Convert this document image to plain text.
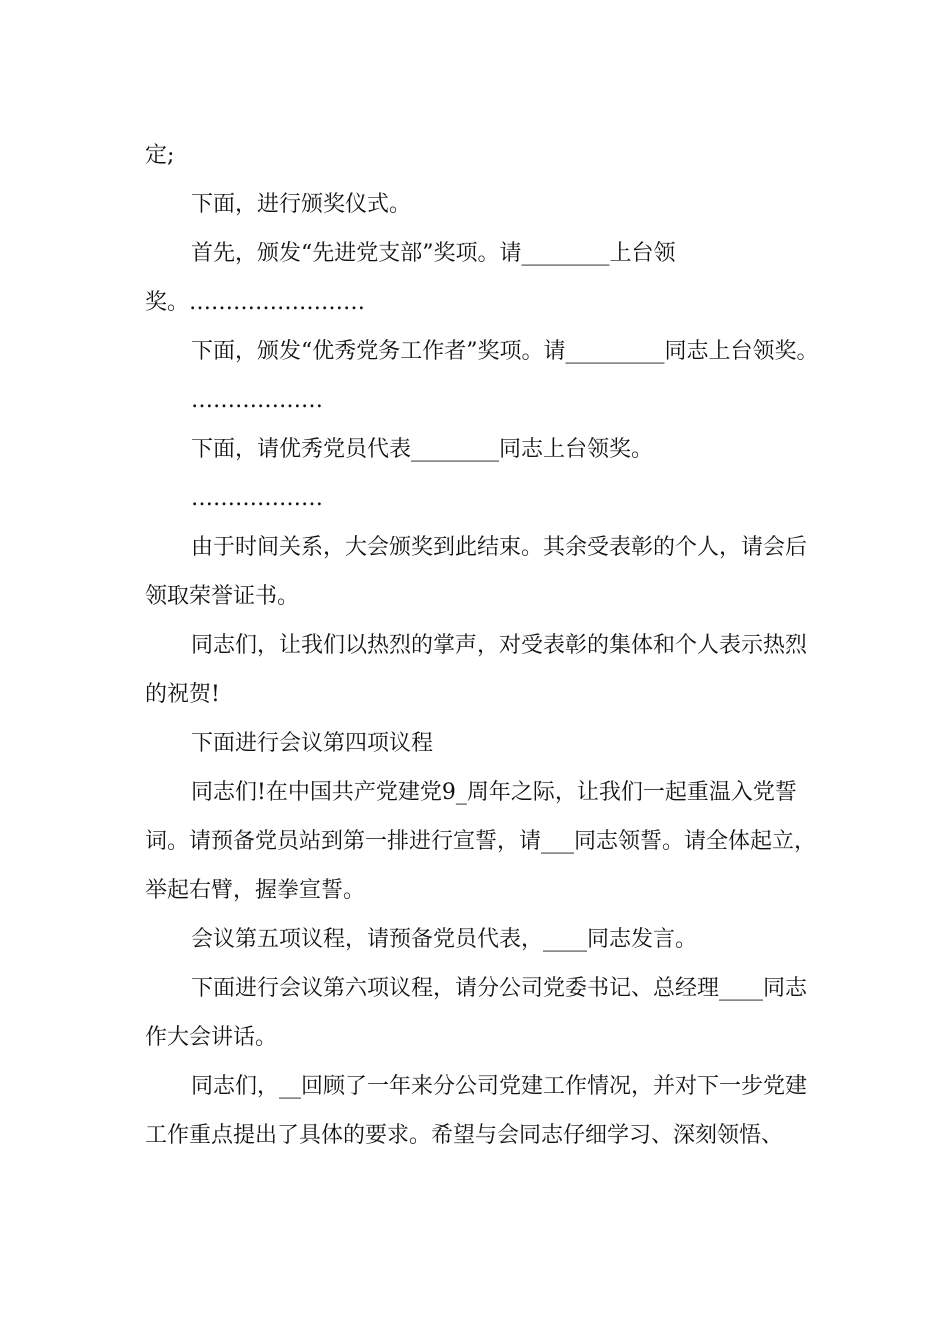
定;

下面，进行颁奖仪式。

首先，颁发“先进党支部”奖项。请________上台领奖。……………………

下面，颁发“优秀党务工作者”奖项。请_________同志上台领奖。

………………

下面，请优秀党员代表________同志上台领奖。

………………

由于时间关系，大会颁奖到此结束。其余受表彰的个人，请会后领取荣誉证书。

同志们，让我们以热烈的掌声，对受表彰的集体和个人表示热烈的祝贺!

下面进行会议第四项议程

同志们!在中国共产党建党9_周年之际，让我们一起重温入党誓词。请预备党员站到第一排进行宣誓，请___同志领誓。请全体起立，举起右臂，握拳宣誓。

会议第五项议程，请预备党员代表，____同志发言。

下面进行会议第六项议程，请分公司党委书记、总经理____同志作大会讲话。

同志们，__回顾了一年来分公司党建工作情况，并对下一步党建工作重点提出了具体的要求。希望与会同志仔细学习、深刻领悟、
